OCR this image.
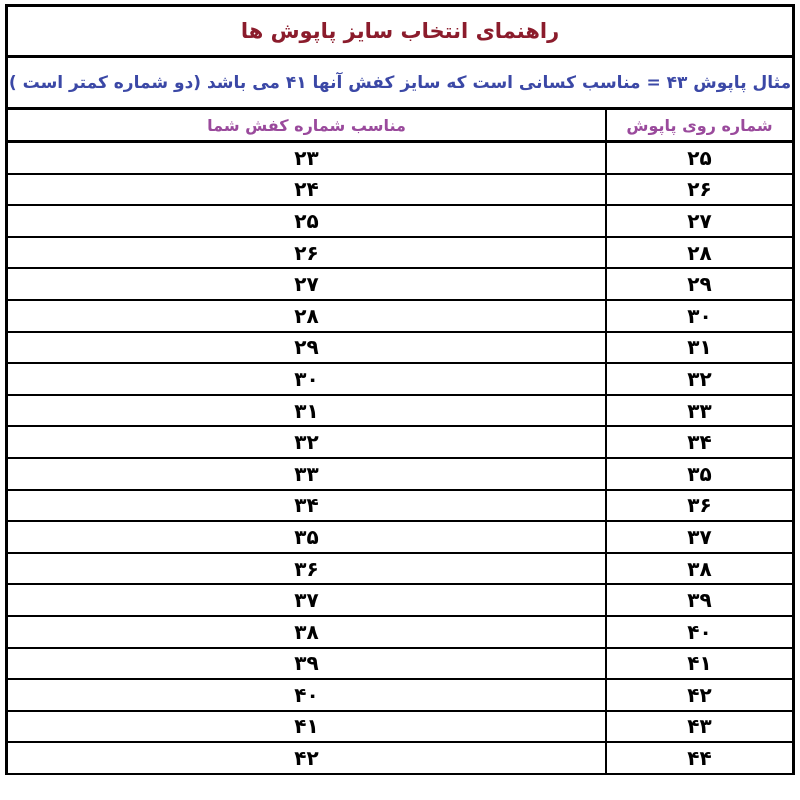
راهنمای انتخاب سایز پاپوش ها
مثال پاپوش ۴۳ = مناسب کسانی است که سایز کفش آنها ۴۱ می باشد (دو شماره کمتر است )
شماره روی پاپوش
مناسب شماره کفش شما
۲۵
۲۳
۲۶
۲۴
۲۷
۲۵
۲۸
۲۶
۲۹
۲۷
۳۰
۲۸
۳۱
۲۹
۳۲
۳۰
۳۳
۳۱
۳۴
۳۲
۳۵
۳۳
۳۶
۳۴
۳۷
۳۵
۳۸
۳۶
۳۹
۳۷
۴۰
۳۸
۴۱
۳۹
۴۲
۴۰
۴۳
۴۱
۴۴
۴۲
